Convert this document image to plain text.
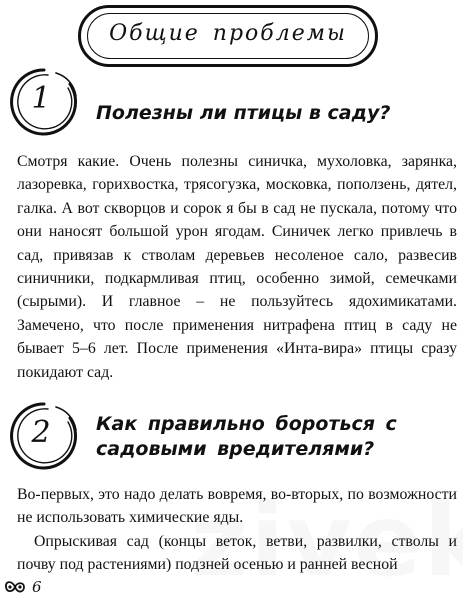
Общие проблемы
1	Полезны ли птицы в саду?

Смотря какие. Очень полезны синичка, мухоловка, зарянка, лазоревка, горихвостка, трясогузка, московка, поползень, дятел, галка. А вот скворцов и сорок я бы в сад не пускала, потому что они наносят большой урон ягодам. Синичек легко привлечь в сад, привязав к стволам деревьев несоленое сало, развесив синичники, подкармливая птиц, особенно зимой, семечками (сырыми). И главное – не пользуйтесь ядохимикатами. Замечено, что после применения нитрафена птиц в саду не бывает 5–6 лет. После применения «Инта-вира» птицы сразу покидают сад.

2	Как правильно бороться с садовыми вредителями?

Во-первых, это надо делать вовремя, во-вторых, по возможности не использовать химические яды.

Опрыскивая сад (концы веток, ветви, развилки, стволы и почву под растениями) подзней осенью и ранней весной

6
